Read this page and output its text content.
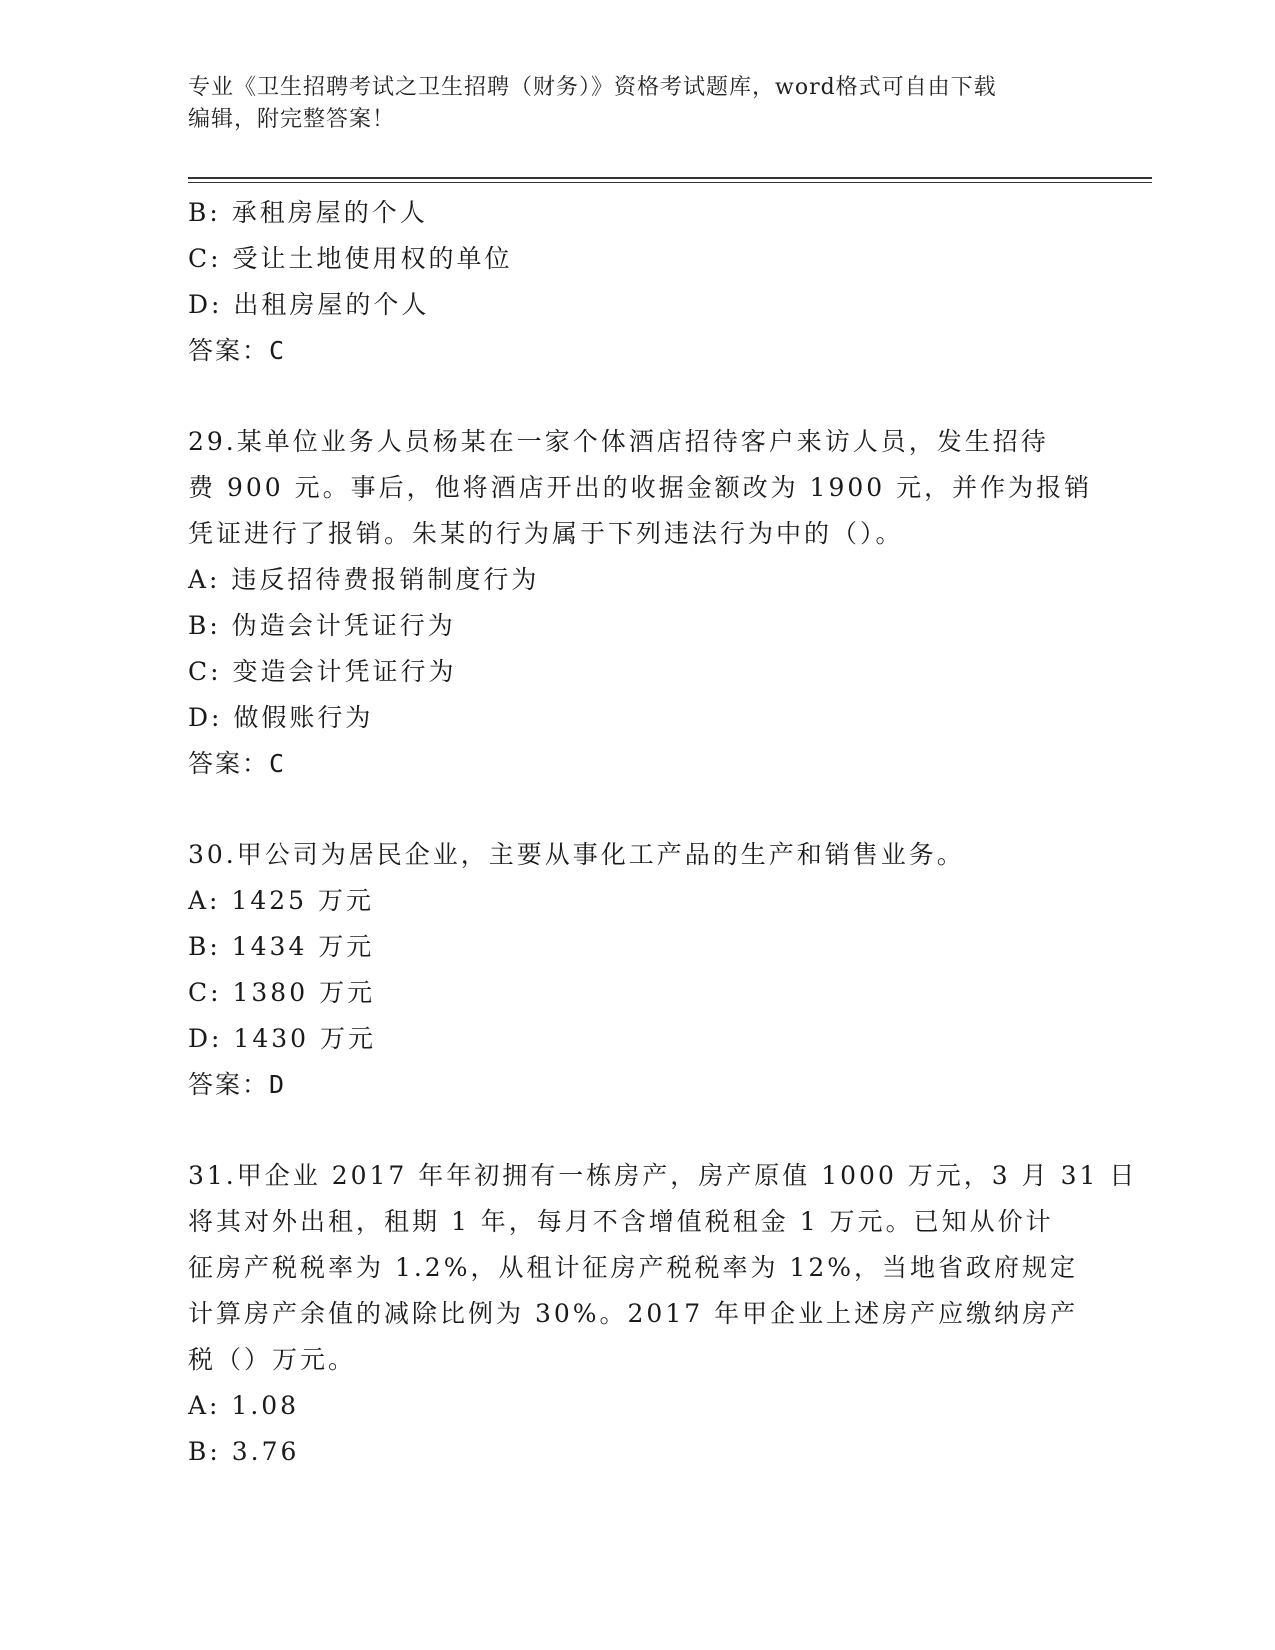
专业《卫生招聘考试之卫生招聘（财务）》资格考试题库，word格式可自由下载
编辑，附完整答案！
B: 承租房屋的个人
C: 受让土地使用权的单位
D: 出租房屋的个人
答案：C
29.某单位业务人员杨某在一家个体酒店招待客户来访人员，发生招待
费 900 元。事后，他将酒店开出的收据金额改为 1900 元，并作为报销
凭证进行了报销。朱某的行为属于下列违法行为中的（）。
A: 违反招待费报销制度行为
B: 伪造会计凭证行为
C: 变造会计凭证行为
D: 做假账行为
答案：C
30.甲公司为居民企业，主要从事化工产品的生产和销售业务。
A: 1425 万元
B: 1434 万元
C: 1380 万元
D: 1430 万元
答案：D
31.甲企业 2017 年年初拥有一栋房产，房产原值 1000 万元，3 月 31 日
将其对外出租，租期 1 年，每月不含增值税租金 1 万元。已知从价计
征房产税税率为 1.2%，从租计征房产税税率为 12%，当地省政府规定
计算房产余值的减除比例为 30%。2017 年甲企业上述房产应缴纳房产
税（）万元。
A: 1.08
B: 3.76
